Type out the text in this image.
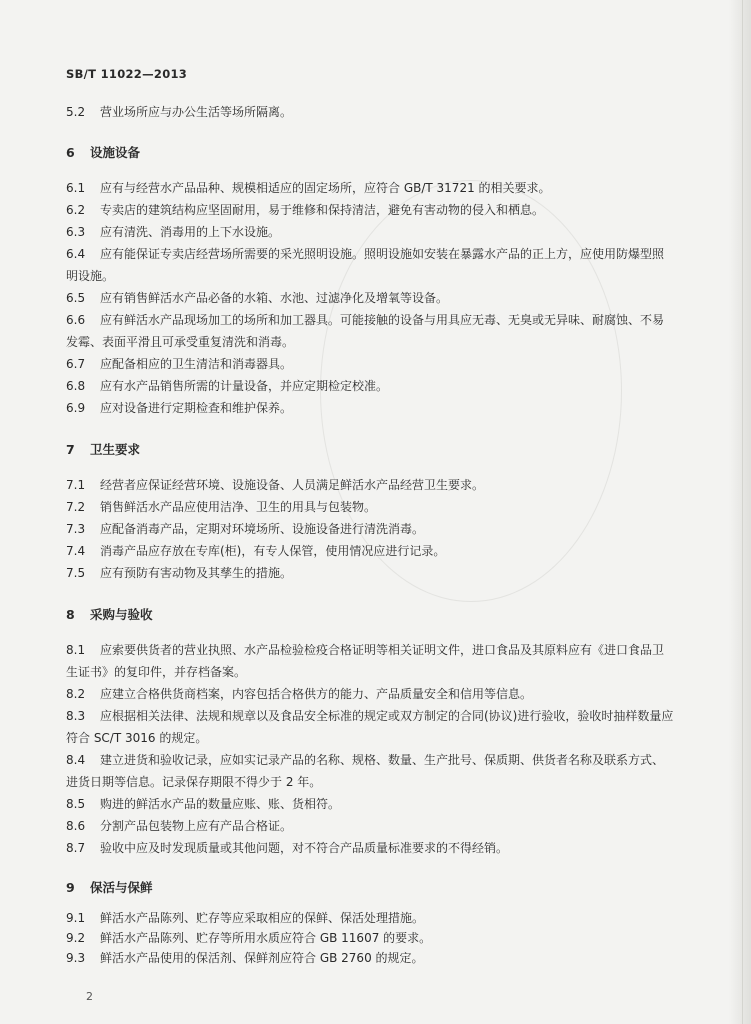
SB/T 11022—2013
5.2 营业场所应与办公生活等场所隔离。
6 设施设备
6.1 应有与经营水产品品种、规模相适应的固定场所，应符合 GB/T 31721 的相关要求。
6.2 专卖店的建筑结构应坚固耐用，易于维修和保持清洁，避免有害动物的侵入和栖息。
6.3 应有清洗、消毒用的上下水设施。
6.4 应有能保证专卖店经营场所需要的采光照明设施。照明设施如安装在暴露水产品的正上方，应使用防爆型照明设施。
6.5 应有销售鲜活水产品必备的水箱、水池、过滤净化及增氧等设备。
6.6 应有鲜活水产品现场加工的场所和加工器具。可能接触的设备与用具应无毒、无臭或无异味、耐腐蚀、不易发霉、表面平滑且可承受重复清洗和消毒。
6.7 应配备相应的卫生清洁和消毒器具。
6.8 应有水产品销售所需的计量设备，并应定期检定校准。
6.9 应对设备进行定期检查和维护保养。
7 卫生要求
7.1 经营者应保证经营环境、设施设备、人员满足鲜活水产品经营卫生要求。
7.2 销售鲜活水产品应使用洁净、卫生的用具与包装物。
7.3 应配备消毒产品，定期对环境场所、设施设备进行清洗消毒。
7.4 消毒产品应存放在专库(柜)，有专人保管，使用情况应进行记录。
7.5 应有预防有害动物及其孳生的措施。
8 采购与验收
8.1 应索要供货者的营业执照、水产品检验检疫合格证明等相关证明文件，进口食品及其原料应有《进口食品卫生证书》的复印件，并存档备案。
8.2 应建立合格供货商档案，内容包括合格供方的能力、产品质量安全和信用等信息。
8.3 应根据相关法律、法规和规章以及食品安全标准的规定或双方制定的合同(协议)进行验收，验收时抽样数量应符合 SC/T 3016 的规定。
8.4 建立进货和验收记录，应如实记录产品的名称、规格、数量、生产批号、保质期、供货者名称及联系方式、进货日期等信息。记录保存期限不得少于 2 年。
8.5 购进的鲜活水产品的数量应账、账、货相符。
8.6 分割产品包装物上应有产品合格证。
8.7 验收中应及时发现质量或其他问题，对不符合产品质量标准要求的不得经销。
9 保活与保鲜
9.1 鲜活水产品陈列、贮存等应采取相应的保鲜、保活处理措施。
9.2 鲜活水产品陈列、贮存等所用水质应符合 GB 11607 的要求。
9.3 鲜活水产品使用的保活剂、保鲜剂应符合 GB 2760 的规定。
2
